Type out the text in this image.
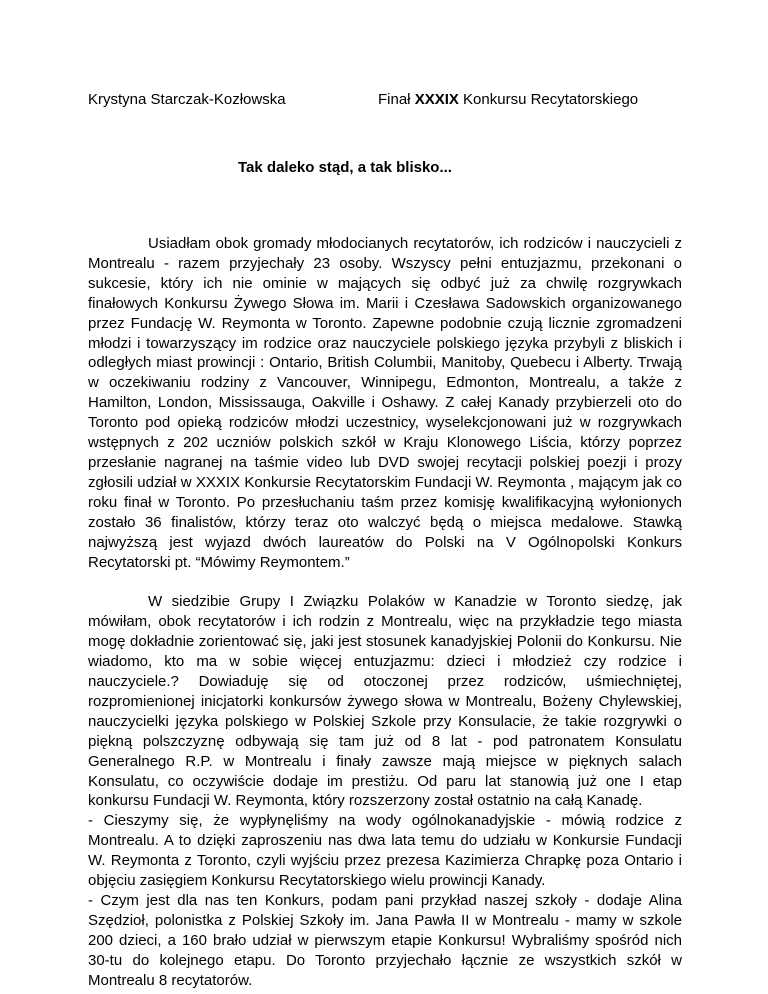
Krystyna Starczak-Kozłowska	Finał XXXIX Konkursu Recytatorskiego
Tak daleko stąd, a tak blisko...

Usiadłam obok gromady młodocianych recytatorów, ich rodziców i nauczycieli z Montrealu - razem przyjechały 23 osoby. Wszyscy pełni entuzjazmu, przekonani o sukcesie, który ich nie ominie w mających się odbyć już za chwilę rozgrywkach finałowych Konkursu Żywego Słowa im. Marii i Czesława Sadowskich organizowanego przez Fundację W. Reymonta w Toronto. Zapewne podobnie czują licznie zgromadzeni młodzi i towarzyszący im rodzice oraz nauczyciele polskiego języka przybyli z bliskich i odległych miast prowincji : Ontario, British Columbii, Manitoby, Quebecu i Alberty. Trwają w oczekiwaniu rodziny z Vancouver, Winnipegu, Edmonton, Montrealu, a także z Hamilton, London, Mississauga, Oakville i Oshawy. Z całej Kanady przybierzeli oto do Toronto pod opieką rodziców młodzi uczestnicy, wyselekcjonowani już w rozgrywkach wstępnych z 202 uczniów polskich szkół w Kraju Klonowego Liścia, którzy poprzez przesłanie nagranej na taśmie video lub DVD swojej recytacji polskiej poezji i prozy zgłosili udział w XXXIX Konkursie Recytatorskim Fundacji W. Reymonta , mającym jak co roku finał w Toronto. Po przesłuchaniu taśm przez komisję kwalifikacyjną wyłonionych zostało 36 finalistów, którzy teraz oto walczyć będą o miejsca medalowe. Stawką najwyższą jest wyjazd dwóch laureatów do Polski na V Ogólnopolski Konkurs Recytatorski pt. “Mówimy Reymontem.”

W siedzibie Grupy I Związku Polaków w Kanadzie w Toronto siedzę, jak mówiłam, obok recytatorów i ich rodzin z Montrealu, więc na przykładzie tego miasta mogę dokładnie zorientować się, jaki jest stosunek kanadyjskiej Polonii do Konkursu. Nie wiadomo, kto ma w sobie więcej entuzjazmu: dzieci i młodzież czy rodzice i nauczyciele.? Dowiaduję się od otoczonej przez rodziców, uśmiechniętej, rozpromienionej inicjatorki konkursów żywego słowa w Montrealu, Bożeny Chylewskiej, nauczycielki języka polskiego w Polskiej Szkole przy Konsulacie, że takie rozgrywki o piękną polszczyznę odbywają się tam już od 8 lat - pod patronatem Konsulatu Generalnego R.P. w Montrealu i finały zawsze mają miejsce w pięknych salach Konsulatu, co oczywiście dodaje im prestiżu. Od paru lat stanowią już one I etap konkursu Fundacji W. Reymonta, który rozszerzony został ostatnio na całą Kanadę.

- Cieszymy się, że wypłynęliśmy na wody ogólnokanadyjskie - mówią rodzice z Montrealu. A to dzięki zaproszeniu nas dwa lata temu do udziału w Konkursie Fundacji W. Reymonta z Toronto, czyli wyjściu przez prezesa Kazimierza Chrapkę poza Ontario i objęciu zasięgiem Konkursu Recytatorskiego wielu prowincji Kanady.

- Czym jest dla nas ten Konkurs, podam pani przykład naszej szkoły - dodaje Alina Szędzioł, polonistka z Polskiej Szkoły im. Jana Pawła II w Montrealu - mamy w szkole 200 dzieci, a 160 brało udział w pierwszym etapie Konkursu! Wybraliśmy spośród nich 30-tu do kolejnego etapu. Do Toronto przyjechało łącznie ze wszystkich szkół w Montrealu 8 recytatorów.
